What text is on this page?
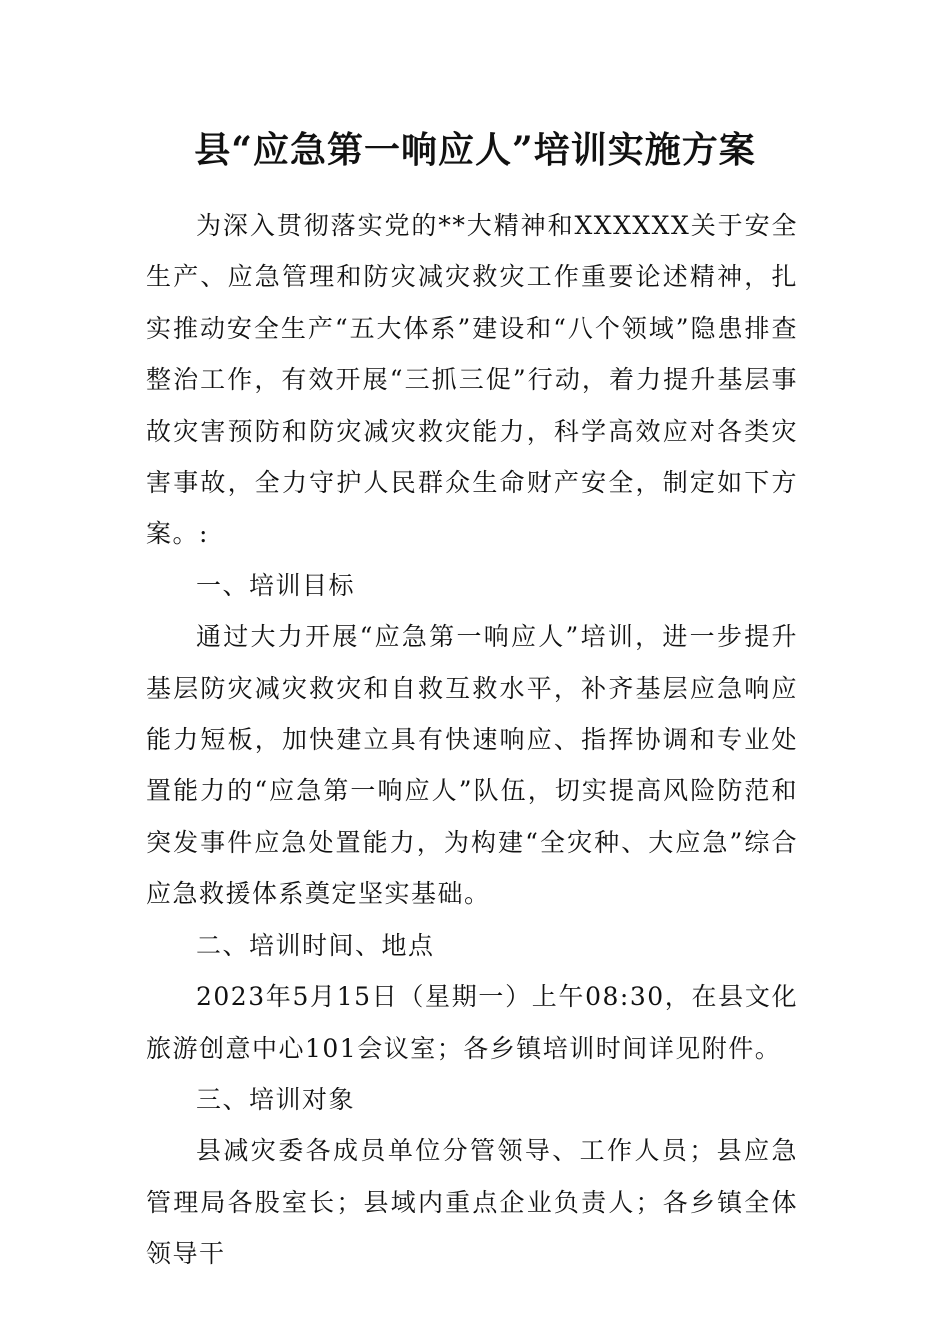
县“应急第一响应人”培训实施方案

为深入贯彻落实党的**大精神和XXXXXX关于安全生产、应急管理和防灾减灾救灾工作重要论述精神，扎实推动安全生产“五大体系”建设和“八个领域”隐患排查整治工作，有效开展“三抓三促”行动，着力提升基层事故灾害预防和防灾减灾救灾能力，科学高效应对各类灾害事故，全力守护人民群众生命财产安全，制定如下方案。:

一、培训目标

通过大力开展“应急第一响应人”培训，进一步提升基层防灾减灾救灾和自救互救水平，补齐基层应急响应能力短板，加快建立具有快速响应、指挥协调和专业处置能力的“应急第一响应人”队伍，切实提高风险防范和突发事件应急处置能力，为构建“全灾种、大应急”综合应急救援体系奠定坚实基础。

二、培训时间、地点

2023年5月15日（星期一）上午08:30，在县文化旅游创意中心101会议室；各乡镇培训时间详见附件。

三、培训对象

县减灾委各成员单位分管领导、工作人员；县应急管理局各股室长；县域内重点企业负责人；各乡镇全体领导干
